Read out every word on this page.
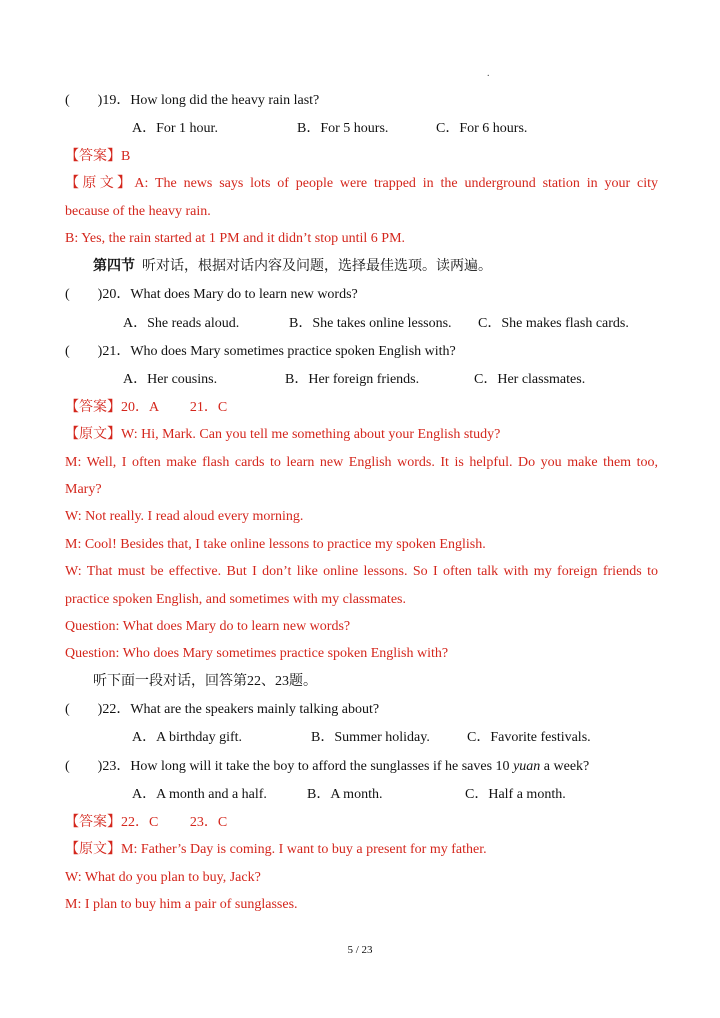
.
(　　)19．How long did the heavy rain last?
A．For 1 hour.	B．For 5 hours.	C．For 6 hours.
【答案】B
【原文】A: The news says lots of people were trapped in the underground station in your city
because of the heavy rain.
B: Yes, the rain started at 1 PM and it didn’t stop until 6 PM.
第四节 听对话，根据对话内容及问题，选择最佳选项。读两遍。
(　　)20．What does Mary do to learn new words?
A．She reads aloud.	B．She takes online lessons. C．She makes flash cards.
(　　)21．Who does Mary sometimes practice spoken English with?
A．Her cousins.	B．Her foreign friends.	C．Her classmates.
【答案】20．A　　 21．C
【原文】W: Hi, Mark. Can you tell me something about your English study?
M: Well, I often make flash cards to learn new English words. It is helpful. Do you make them too,
Mary?
W: Not really. I read aloud every morning.
M: Cool! Besides that, I take online lessons to practice my spoken English.
W: That must be effective. But I don’t like online lessons. So I often talk with my foreign friends to
practice spoken English, and sometimes with my classmates.
Question: What does Mary do to learn new words?
Question: Who does Mary sometimes practice spoken English with?
听下面一段对话，回答第22、23题。
(　　)22．What are the speakers mainly talking about?
A．A birthday gift.	B．Summer holiday.	C．Favorite festivals.
(　　)23．How long will it take the boy to afford the sunglasses if he saves 10 yuan a week?
A．A month and a half.	B．A month.	C．Half a month.
【答案】22．C　　 23．C
【原文】M: Father’s Day is coming. I want to buy a present for my father.
W: What do you plan to buy, Jack?
M: I plan to buy him a pair of sunglasses.
5 / 23
